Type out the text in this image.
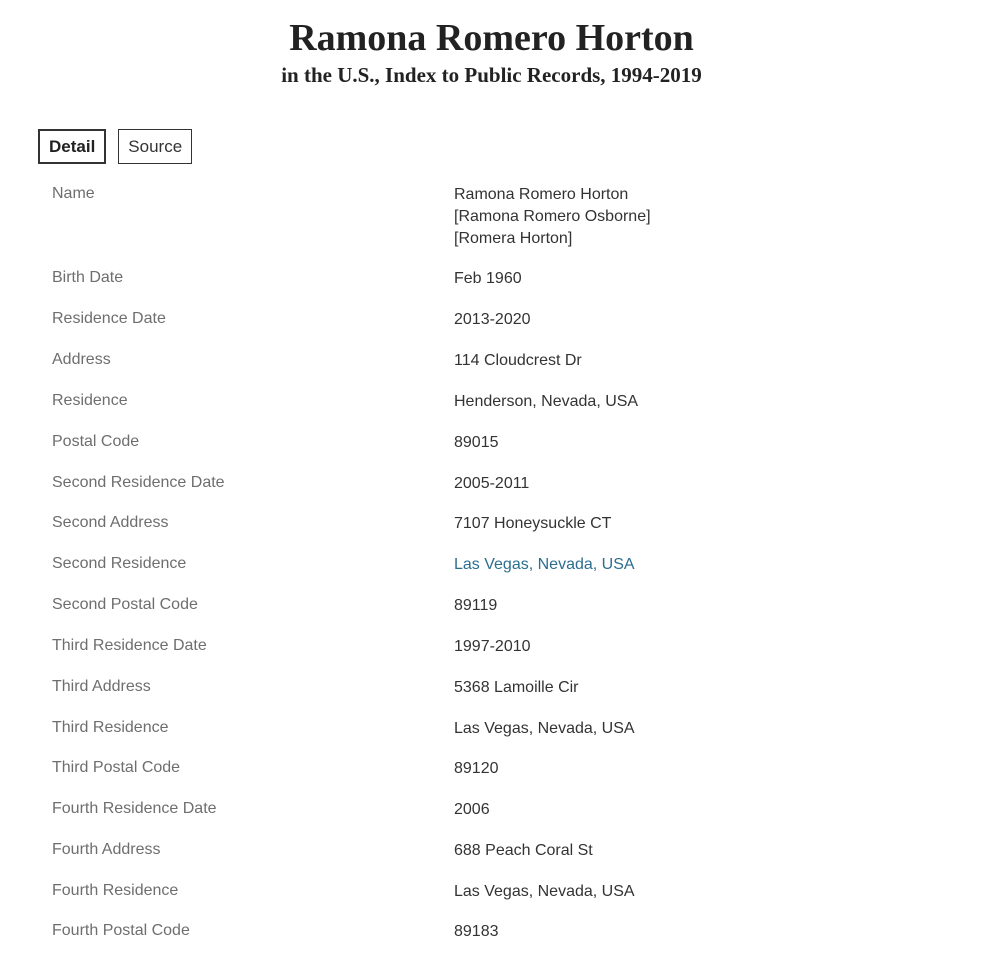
Ramona Romero Horton
in the U.S., Index to Public Records, 1994-2019
Detail	Source
Name	Ramona Romero Horton
[Ramona Romero Osborne]
[Romera Horton]
Birth Date	Feb 1960
Residence Date	2013-2020
Address	114 Cloudcrest Dr
Residence	Henderson, Nevada, USA
Postal Code	89015
Second Residence Date	2005-2011
Second Address	7107 Honeysuckle CT
Second Residence	Las Vegas, Nevada, USA
Second Postal Code	89119
Third Residence Date	1997-2010
Third Address	5368 Lamoille Cir
Third Residence	Las Vegas, Nevada, USA
Third Postal Code	89120
Fourth Residence Date	2006
Fourth Address	688 Peach Coral St
Fourth Residence	Las Vegas, Nevada, USA
Fourth Postal Code	89183
